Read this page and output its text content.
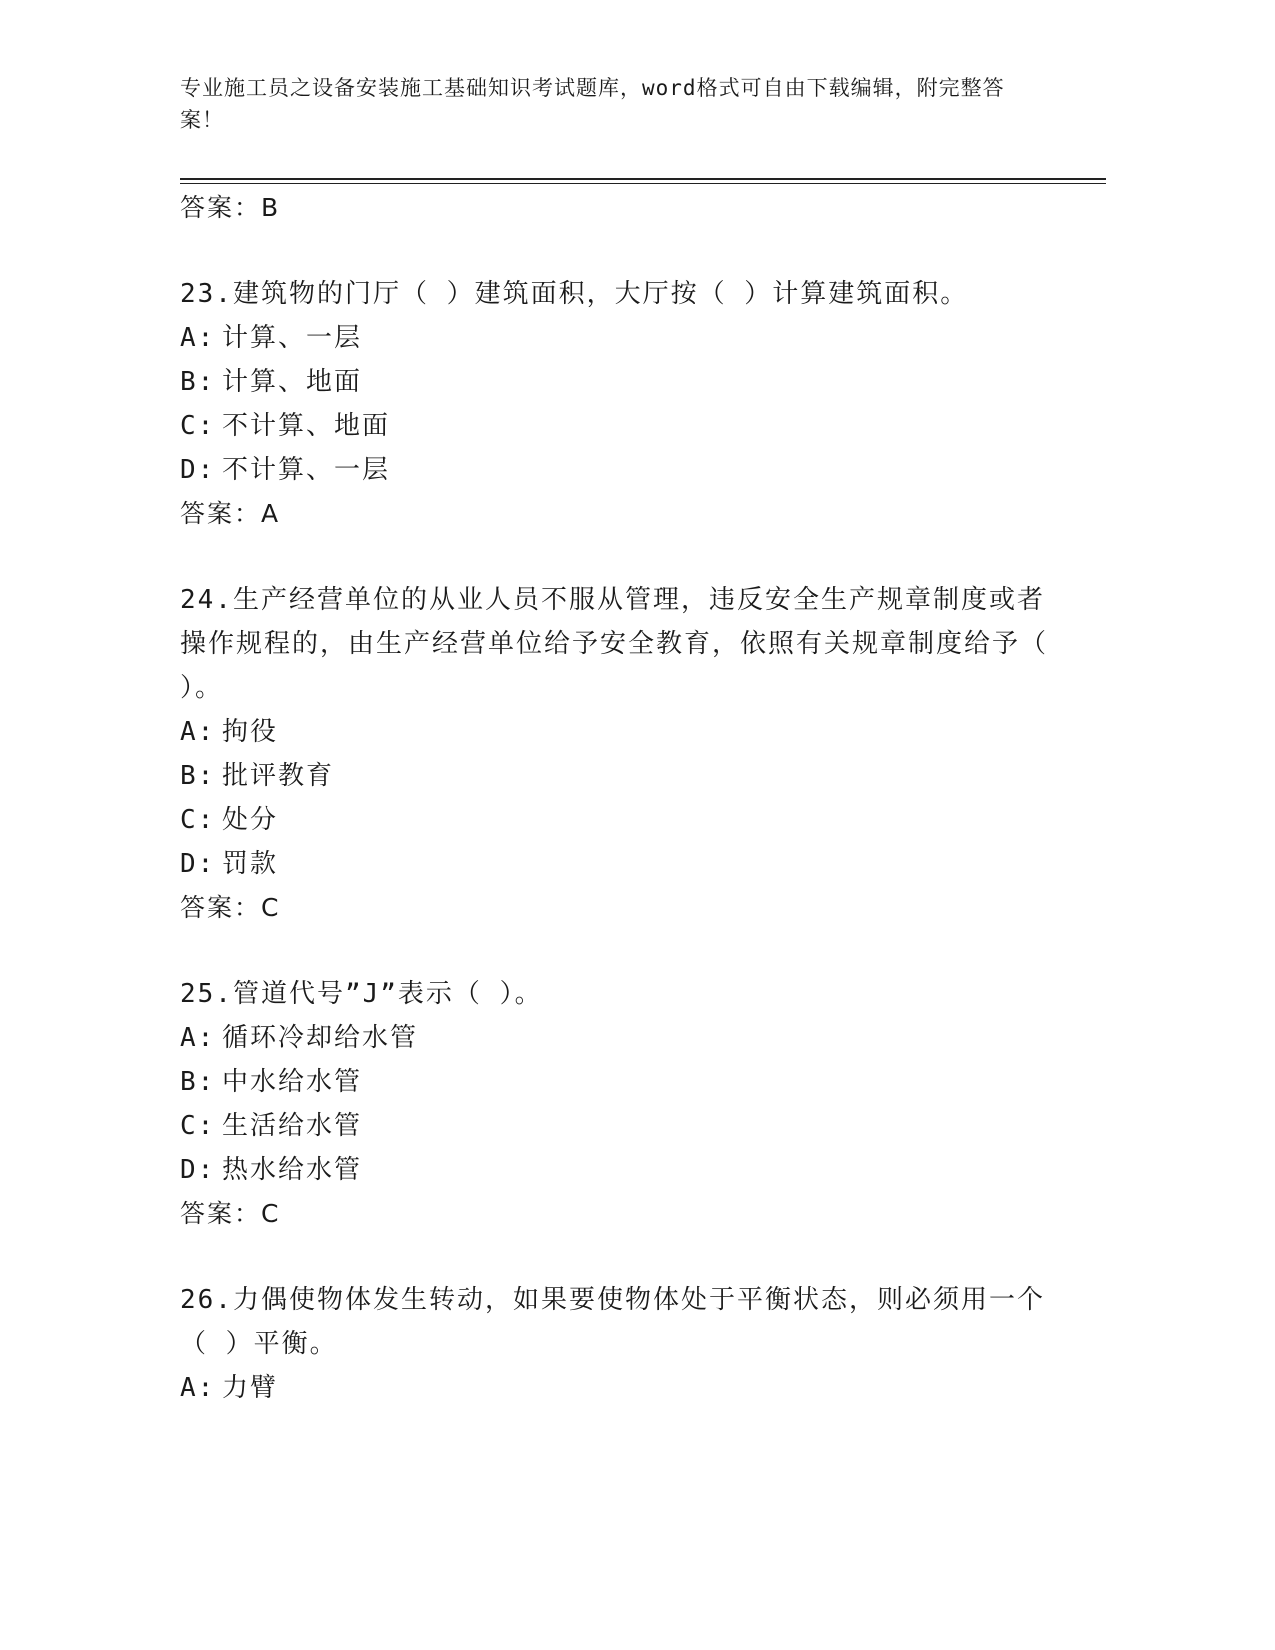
专业施工员之设备安装施工基础知识考试题库，word格式可自由下载编辑，附完整答案！
答案：B
23.建筑物的门厅（ ）建筑面积，大厅按（ ）计算建筑面积。
A: 计算、一层
B: 计算、地面
C: 不计算、地面
D: 不计算、一层
答案：A
24.生产经营单位的从业人员不服从管理，违反安全生产规章制度或者操作规程的，由生产经营单位给予安全教育，依照有关规章制度给予（ ）。
A: 拘役
B: 批评教育
C: 处分
D: 罚款
答案：C
25.管道代号”J”表示（ ）。
A: 循环冷却给水管
B: 中水给水管
C: 生活给水管
D: 热水给水管
答案：C
26.力偶使物体发生转动，如果要使物体处于平衡状态，则必须用一个（ ）平衡。
A: 力臂
